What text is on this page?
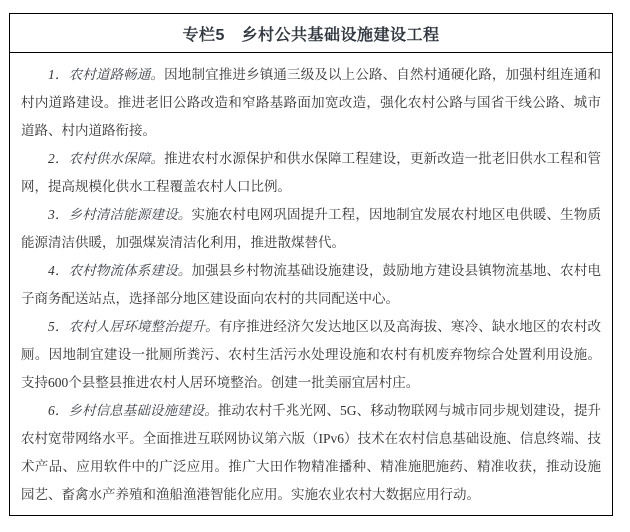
专栏5　乡村公共基础设施建设工程

1．农村道路畅通。因地制宜推进乡镇通三级及以上公路、自然村通硬化路，加强村组连通和村内道路建设。推进老旧公路改造和窄路基路面加宽改造，强化农村公路与国省干线公路、城市道路、村内道路衔接。

2．农村供水保障。推进农村水源保护和供水保障工程建设，更新改造一批老旧供水工程和管网，提高规模化供水工程覆盖农村人口比例。

3．乡村清洁能源建设。实施农村电网巩固提升工程，因地制宜发展农村地区电供暖、生物质能源清洁供暖，加强煤炭清洁化利用，推进散煤替代。

4．农村物流体系建设。加强县乡村物流基础设施建设，鼓励地方建设县镇物流基地、农村电子商务配送站点，选择部分地区建设面向农村的共同配送中心。

5．农村人居环境整治提升。有序推进经济欠发达地区以及高海拔、寒冷、缺水地区的农村改厕。因地制宜建设一批厕所粪污、农村生活污水处理设施和农村有机废弃物综合处置利用设施。支持600个县整县推进农村人居环境整治。创建一批美丽宜居村庄。

6．乡村信息基础设施建设。推动农村千兆光网、5G、移动物联网与城市同步规划建设，提升农村宽带网络水平。全面推进互联网协议第六版（IPv6）技术在农村信息基础设施、信息终端、技术产品、应用软件中的广泛应用。推广大田作物精准播种、精准施肥施药、精准收获，推动设施园艺、畜禽水产养殖和渔船渔港智能化应用。实施农业农村大数据应用行动。
